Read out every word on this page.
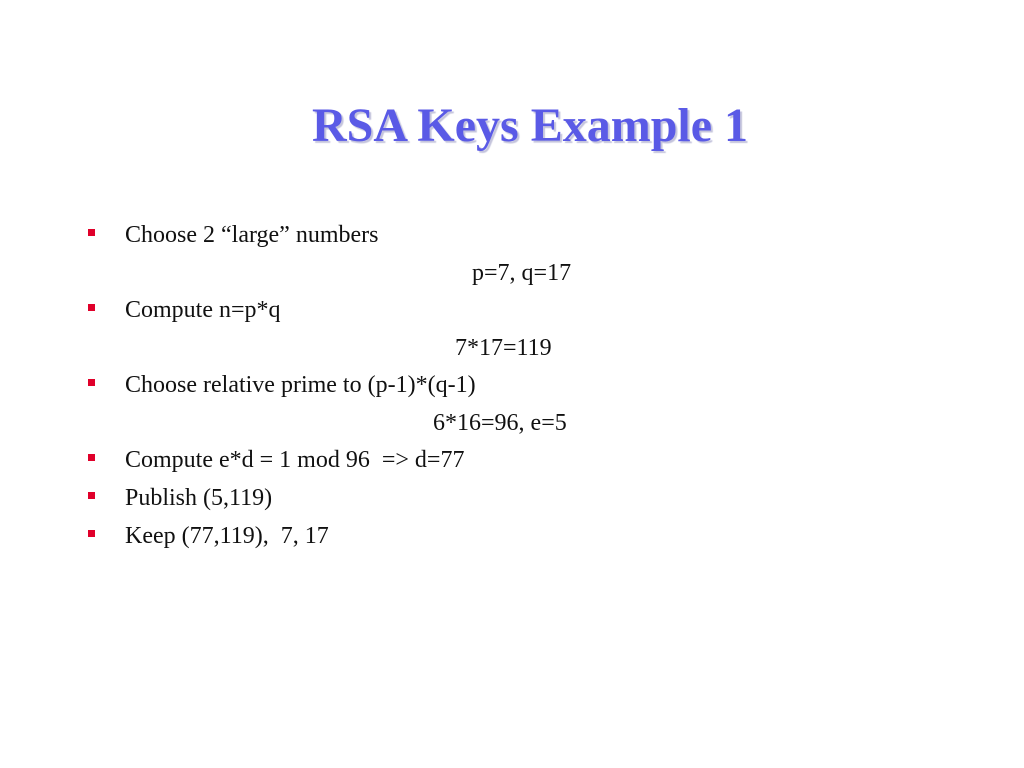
RSA Keys Example 1
Choose 2 “large” numbers
p=7, q=17
Compute n=p*q
7*17=119
Choose relative prime to (p-1)*(q-1)
6*16=96, e=5
Compute e*d = 1 mod 96  => d=77
Publish (5,119)
Keep (77,119),  7, 17
